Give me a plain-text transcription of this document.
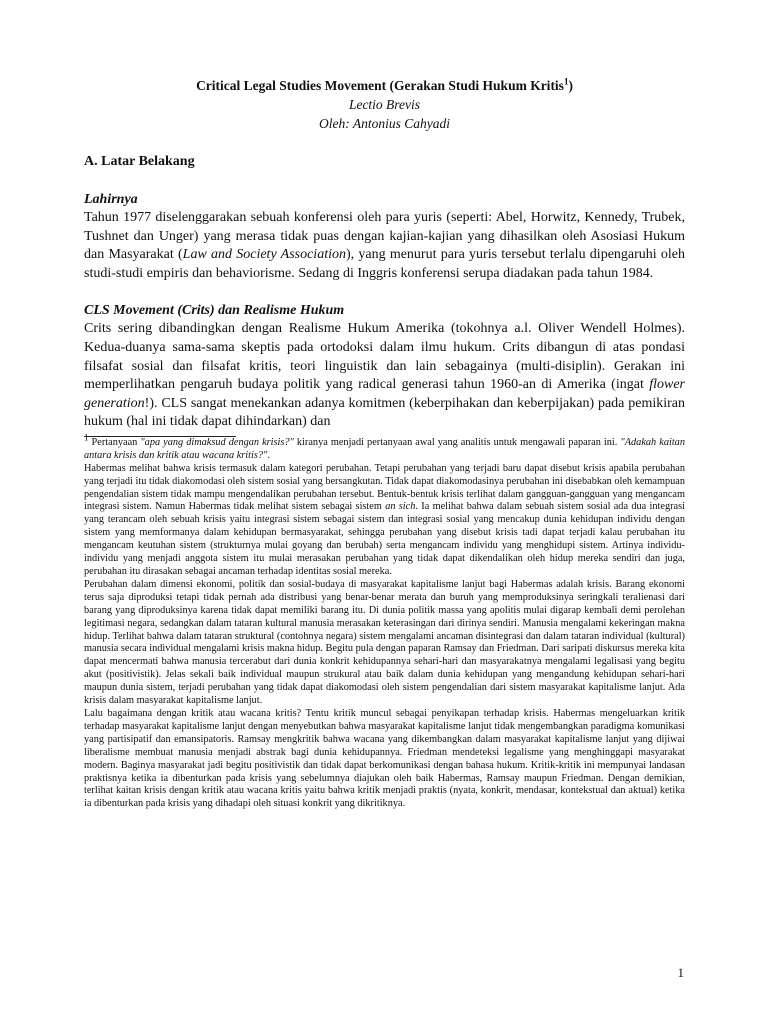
Critical Legal Studies Movement (Gerakan Studi Hukum Kritis$^1$)
Lectio Brevis
Oleh: Antonius Cahyadi
A. Latar Belakang
Lahirnya

Tahun 1977 diselenggarakan sebuah konferensi oleh para yuris (seperti: Abel, Horwitz, Kennedy, Trubek, Tushnet dan Unger) yang merasa tidak puas dengan kajian-kajian yang dihasilkan oleh Asosiasi Hukum dan Masyarakat (Law and Society Association), yang menurut para yuris tersebut terlalu dipengaruhi oleh studi-studi empiris dan behaviorisme. Sedang di Inggris konferensi serupa diadakan pada tahun 1984.

CLS Movement (Crits) dan Realisme Hukum

Crits sering dibandingkan dengan Realisme Hukum Amerika (tokohnya a.l. Oliver Wendell Holmes). Kedua-duanya sama-sama skeptis pada ortodoksi dalam ilmu hukum. Crits dibangun di atas pondasi filsafat sosial dan filsafat kritis, teori linguistik dan lain sebagainya (multi-disiplin). Gerakan ini memperlihatkan pengaruh budaya politik yang radical generasi tahun 1960-an di Amerika (ingat flower generation!). CLS sangat menekankan adanya komitmen (keberpihakan dan keberpijakan) pada pemikiran hukum (hal ini tidak dapat dihindarkan) dan

1 Pertanyaan "apa yang dimaksud dengan krisis?" kiranya menjadi pertanyaan awal yang analitis untuk mengawali paparan ini. "Adakah kaitan antara krisis dan kritik atau wacana kritis?".

Habermas melihat bahwa krisis termasuk dalam kategori perubahan. Tetapi perubahan yang terjadi baru dapat disebut krisis apabila perubahan yang terjadi itu tidak diakomodasi oleh sistem sosial yang bersangkutan. Tidak dapat diakomodasinya perubahan ini disebabkan oleh kemampuan pengendalian sistem tidak mampu mengendalikan perubahan tersebut. Bentuk-bentuk krisis terlihat dalam gangguan-gangguan yang mengancam integrasi sistem. Namun Habermas tidak melihat sistem sebagai sistem an sich. Ia melihat bahwa dalam sebuah sistem sosial ada dua integrasi yang terancam oleh sebuah krisis yaitu integrasi sistem sebagai sistem dan integrasi sosial yang mencakup dunia kehidupan individu dengan sistem yang memformanya dalam kehidupan bermasyarakat, sehingga perubahan yang disebut krisis tadi dapat terjadi kalau perubahan itu mengancam keutuhan sistem (strukturnya mulai goyang dan berubah) serta mengancam individu yang menghidupi sistem. Artinya individu-individu yang menjadi anggota sistem itu mulai merasakan perubahan yang tidak dapat dikendalikan oleh hidup mereka sendiri dan juga, perubahan itu dirasakan sebagai ancaman terhadap identitas sosial mereka.

Perubahan dalam dimensi ekonomi, politik dan sosial-budaya di masyarakat kapitalisme lanjut bagi Habermas adalah krisis. Barang ekonomi terus saja diproduksi tetapi tidak pernah ada distribusi yang benar-benar merata dan buruh yang memproduksinya seringkali teralienasi dari barang yang diproduksinya karena tidak dapat memiliki barang itu. Di dunia politik massa yang apolitis mulai digarap kembali demi perolehan legitimasi negara, sedangkan dalam tataran kultural manusia merasakan keterasingan dari dirinya sendiri. Manusia mengalami kekeringan makna hidup. Terlihat bahwa dalam tataran struktural (contohnya negara) sistem mengalami ancaman disintegrasi dan dalam tataran individual (kultural) manusia secara individual mengalami krisis makna hidup. Begitu pula dengan paparan Ramsay dan Friedman. Dari saripati diskursus mereka kita dapat mencermati bahwa manusia tercerabut dari dunia konkrit kehidupannya sehari-hari dan masyarakatnya mengalami legalisasi yang begitu akut (positivistik). Jelas sekali baik individual maupun strukural atau baik dalam dunia kehidupan yang mengandung kehidupan sehari-hari maupun dunia sistem, terjadi perubahan yang tidak dapat diakomodasi oleh sistem pengendalian dari sistem masyarakat kapitalisme lanjut. Ada krisis dalam masyarakat kapitalisme lanjut.

Lalu bagaimana dengan kritik atau wacana kritis? Tentu kritik muncul sebagai penyikapan terhadap krisis. Habermas mengeluarkan kritik terhadap masyarakat kapitalisme lanjut dengan menyebutkan bahwa masyarakat kapitalisme lanjut tidak mengembangkan paradigma komunikasi yang partisipatif dan emansipatoris. Ramsay mengkritik bahwa wacana yang dikembangkan dalam masyarakat kapitalisme lanjut yang dijiwai liberalisme membuat manusia menjadi abstrak bagi dunia kehidupannya. Friedman mendeteksi legalisme yang menghinggapi masyarakat modern. Baginya masyarakat jadi begitu positivistik dan tidak dapat berkomunikasi dengan bahasa hukum. Kritik-kritik ini mempunyai landasan praktisnya ketika ia dibenturkan pada krisis yang sebelumnya diajukan oleh baik Habermas, Ramsay maupun Friedman. Dengan demikian, terlihat kaitan krisis dengan kritik atau wacana kritis yaitu bahwa kritik menjadi praktis (nyata, konkrit, mendasar, kontekstual dan aktual) ketika ia dibenturkan pada krisis yang dihadapi oleh situasi konkrit yang dikritiknya.

1
